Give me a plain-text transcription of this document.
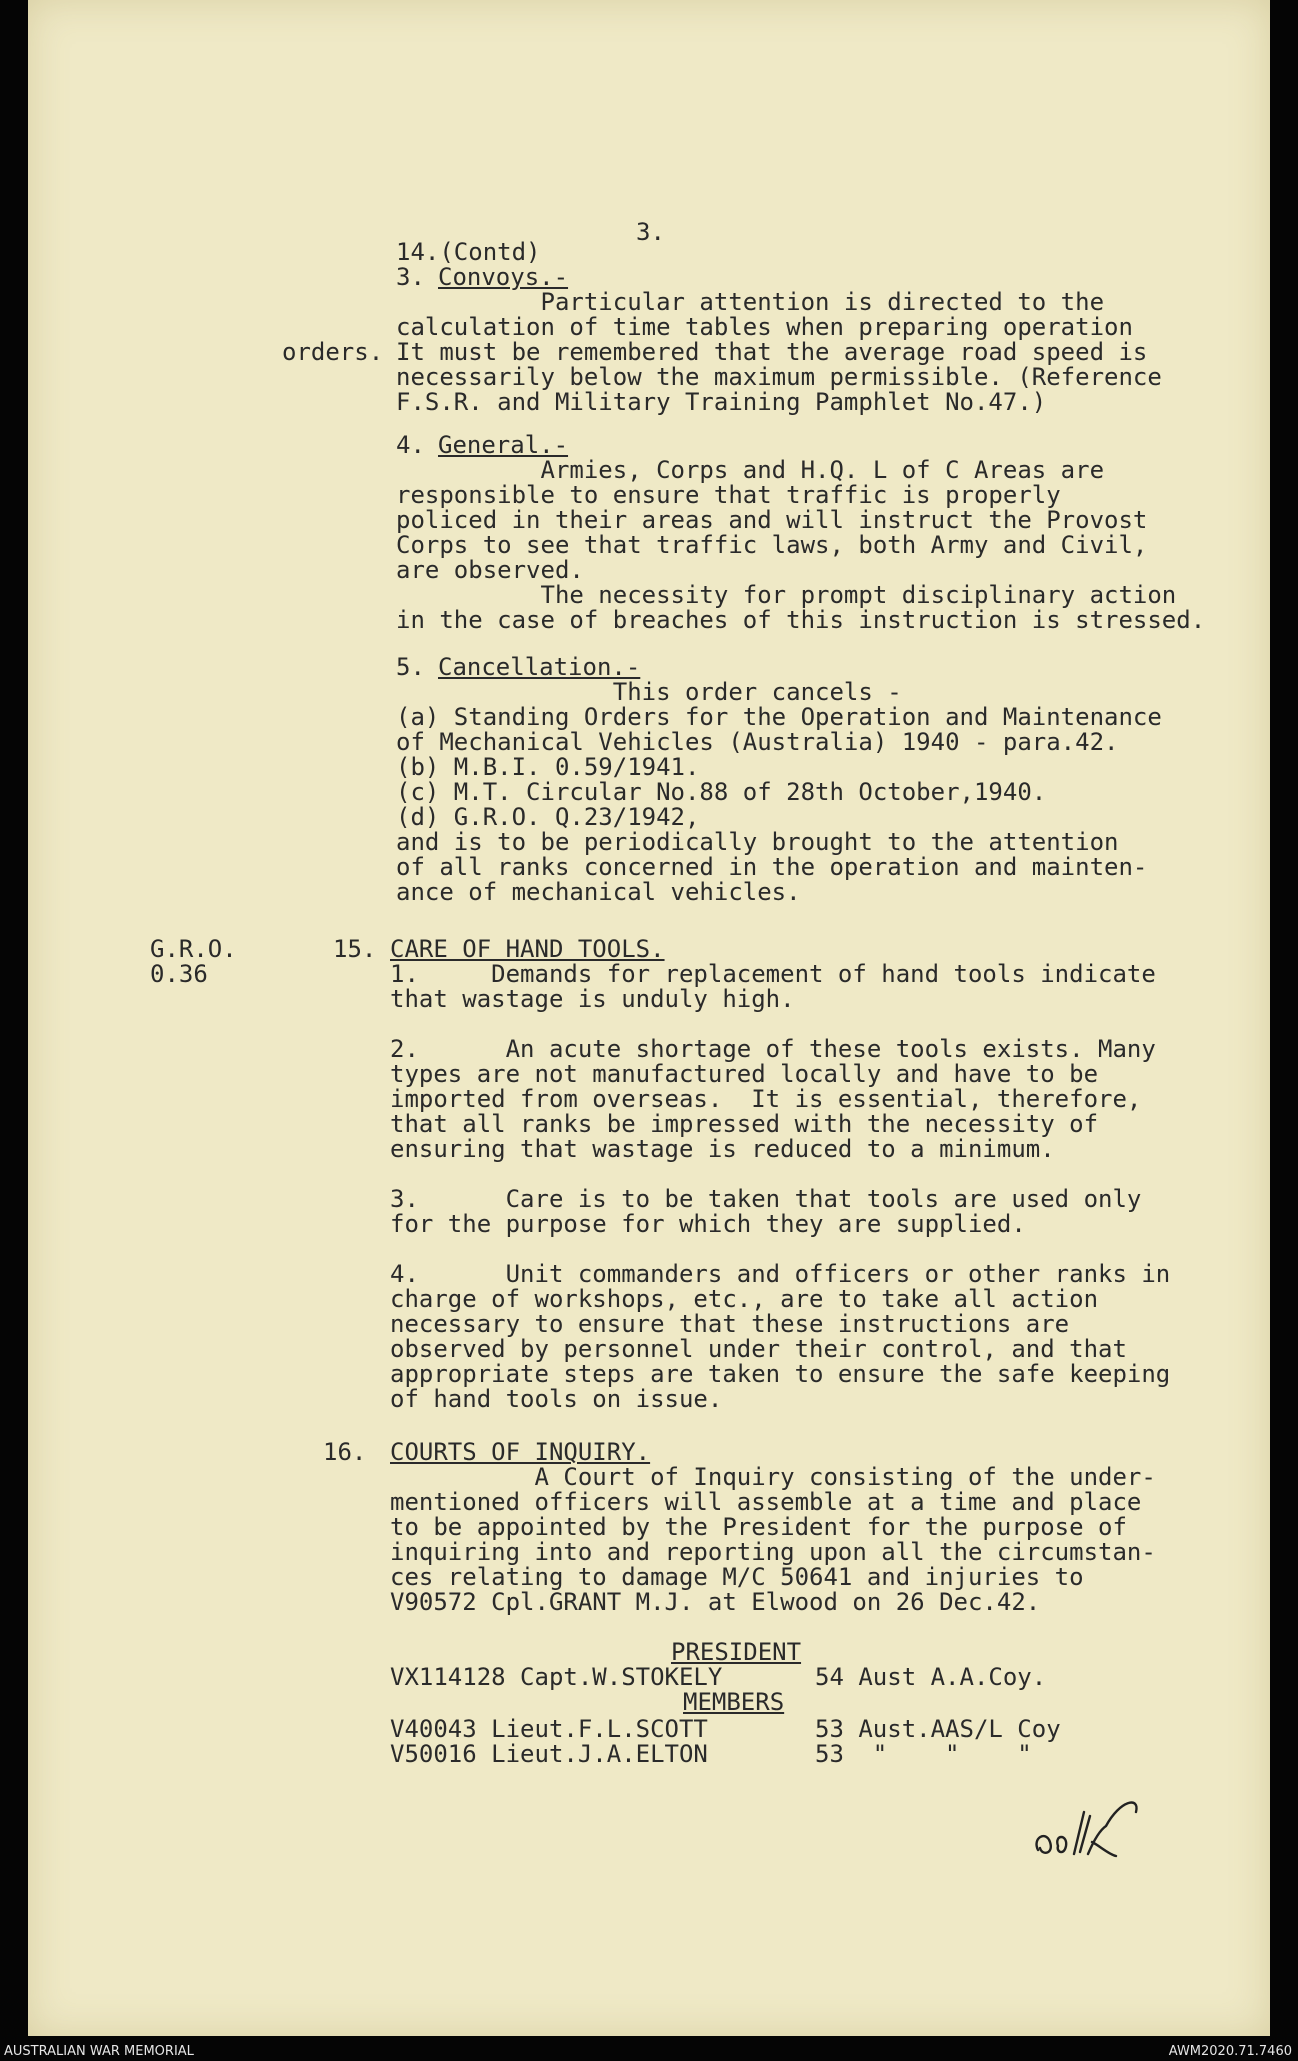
3.
14.(Contd)
3. Convoys.-
Particular attention is directed to the
calculation of time tables when preparing operation
orders. It must be remembered that the average road speed is
necessarily below the maximum permissible. (Reference
F.S.R. and Military Training Pamphlet No.47.)
4. General.-
Armies, Corps and H.Q. L of C Areas are
responsible to ensure that traffic is properly
policed in their areas and will instruct the Provost
Corps to see that traffic laws, both Army and Civil,
are observed.
The necessity for prompt disciplinary action
in the case of breaches of this instruction is stressed.
5. Cancellation.-
This order cancels -
(a) Standing Orders for the Operation and Maintenance
of Mechanical Vehicles (Australia) 1940 - para.42.
(b) M.B.I. 0.59/1941.
(c) M.T. Circular No.88 of 28th October,1940.
(d) G.R.O. Q.23/1942,
and is to be periodically brought to the attention
of all ranks concerned in the operation and mainten-
ance of mechanical vehicles.
G.R.O.
0.36
15. CARE OF HAND TOOLS.
1.     Demands for replacement of hand tools indicate
that wastage is unduly high.
2.      An acute shortage of these tools exists. Many
types are not manufactured locally and have to be
imported from overseas.  It is essential, therefore,
that all ranks be impressed with the necessity of
ensuring that wastage is reduced to a minimum.
3.      Care is to be taken that tools are used only
for the purpose for which they are supplied.
4.      Unit commanders and officers or other ranks in
charge of workshops, etc., are to take all action
necessary to ensure that these instructions are
observed by personnel under their control, and that
appropriate steps are taken to ensure the safe keeping
of hand tools on issue.
16. COURTS OF INQUIRY.
A Court of Inquiry consisting of the under-
mentioned officers will assemble at a time and place
to be appointed by the President for the purpose of
inquiring into and reporting upon all the circumstan-
ces relating to damage M/C 50641 and injuries to
V90572 Cpl.GRANT M.J. at Elwood on 26 Dec.42.
PRESIDENT
VX114128 Capt.W.STOKELY	54 Aust A.A.Coy.
MEMBERS
V40043 Lieut.F.L.SCOTT	53 Aust.AAS/L Coy
V50016 Lieut.J.A.ELTON	53  "    "    "
AUSTRALIAN WAR MEMORIAL	AWM2020.71.7460
